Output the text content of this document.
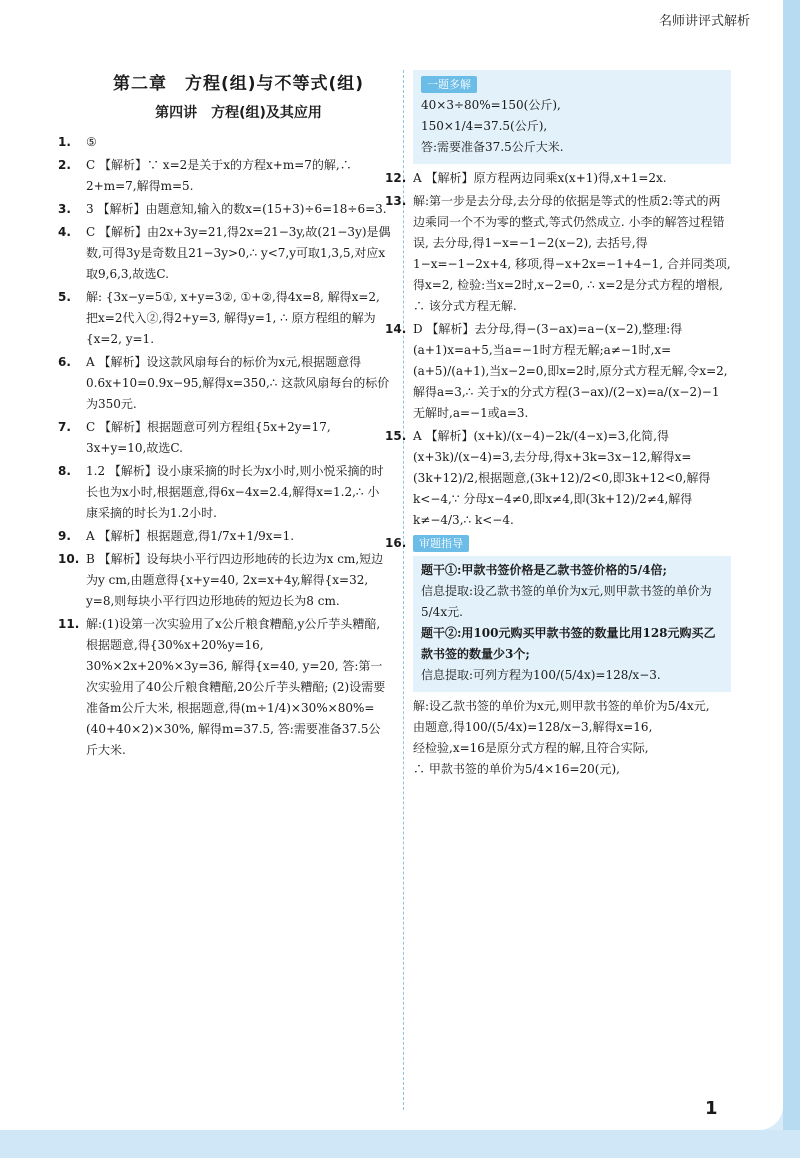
名师讲评式解析
第二章　方程(组)与不等式(组)
第四讲　方程(组)及其应用
1.	⑤
2.	C 【解析】∵ x=2是关于x的方程x+m=7的解,∴ 2+m=7,解得m=5.
3.	3 【解析】由题意知,输入的数x=(15+3)÷6=18÷6=3.
4.	C 【解析】由2x+3y=21,得2x=21−3y,故(21−3y)是偶数,可得3y是奇数且21−3y>0,∴ y<7,y可取1,3,5,对应x取9,6,3,故选C.
5.	解: {3x−y=5①, x+y=3②, ①+②,得4x=8, 解得x=2, 把x=2代入②,得2+y=3, 解得y=1, ∴ 原方程组的解为{x=2, y=1.
6.	A 【解析】设这款风扇每台的标价为x元,根据题意得0.6x+10=0.9x−95,解得x=350,∴ 这款风扇每台的标价为350元.
7.	C 【解析】根据题意可列方程组{5x+2y=17, 3x+y=10,故选C.
8.	1.2 【解析】设小康采摘的时长为x小时,则小悦采摘的时长也为x小时,根据题意,得6x−4x=2.4,解得x=1.2,∴ 小康采摘的时长为1.2小时.
9.	A 【解析】根据题意,得1/7x+1/9x=1.
10. B 【解析】设每块小平行四边形地砖的长边为x cm,短边为y cm,由题意得{x+y=40, 2x=x+4y,解得{x=32, y=8,则每块小平行四边形地砖的短边长为8 cm.
11. 解:(1)设第一次实验用了x公斤粮食糟醅,y公斤芋头糟醅, 根据题意,得{30%x+20%y=16, 30%×2x+20%×3y=36, 解得{x=40, y=20, 答:第一次实验用了40公斤粮食糟醅,20公斤芋头糟醅; (2)设需要准备m公斤大米, 根据题意,得(m÷1/4)×30%×80%=(40+40×2)×30%, 解得m=37.5, 答:需要准备37.5公斤大米.
一题多解
40×3÷80%=150(公斤),
150×1/4=37.5(公斤),
答:需要准备37.5公斤大米.
12. A 【解析】原方程两边同乘x(x+1)得,x+1=2x.
13. 解:第一步是去分母,去分母的依据是等式的性质2:等式的两边乘同一个不为零的整式,等式仍然成立. 小李的解答过程错误, 去分母,得1−x=−1−2(x−2), 去括号,得1−x=−1−2x+4, 移项,得−x+2x=−1+4−1, 合并同类项,得x=2, 检验:当x=2时,x−2=0, ∴ x=2是分式方程的增根, ∴ 该分式方程无解.
14. D 【解析】去分母,得−(3−ax)=a−(x−2),整理:得(a+1)x=a+5,当a=−1时方程无解;a≠−1时,x=(a+5)/(a+1),当x−2=0,即x=2时,原分式方程无解,令x=2,解得a=3,∴ 关于x的分式方程(3−ax)/(2−x)=a/(x−2)−1无解时,a=−1或a=3.
15. A 【解析】(x+k)/(x−4)−2k/(4−x)=3,化简,得(x+3k)/(x−4)=3,去分母,得x+3k=3x−12,解得x=(3k+12)/2,根据题意,(3k+12)/2<0,即3k+12<0,解得k<−4,∵ 分母x−4≠0,即x≠4,即(3k+12)/2≠4,解得k≠−4/3,∴ k<−4.
16.	审题指导
题干①:甲款书签价格是乙款书签价格的5/4倍;
信息提取:设乙款书签的单价为x元,则甲款书签的单价为5/4x元.
题干②:用100元购买甲款书签的数量比用128元购买乙款书签的数量少3个;
信息提取:可列方程为100/(5/4x)=128/x−3.
解:设乙款书签的单价为x元,则甲款书签的单价为5/4x元,
由题意,得100/(5/4x)=128/x−3,解得x=16,
经检验,x=16是原分式方程的解,且符合实际,
∴ 甲款书签的单价为5/4×16=20(元),
1
